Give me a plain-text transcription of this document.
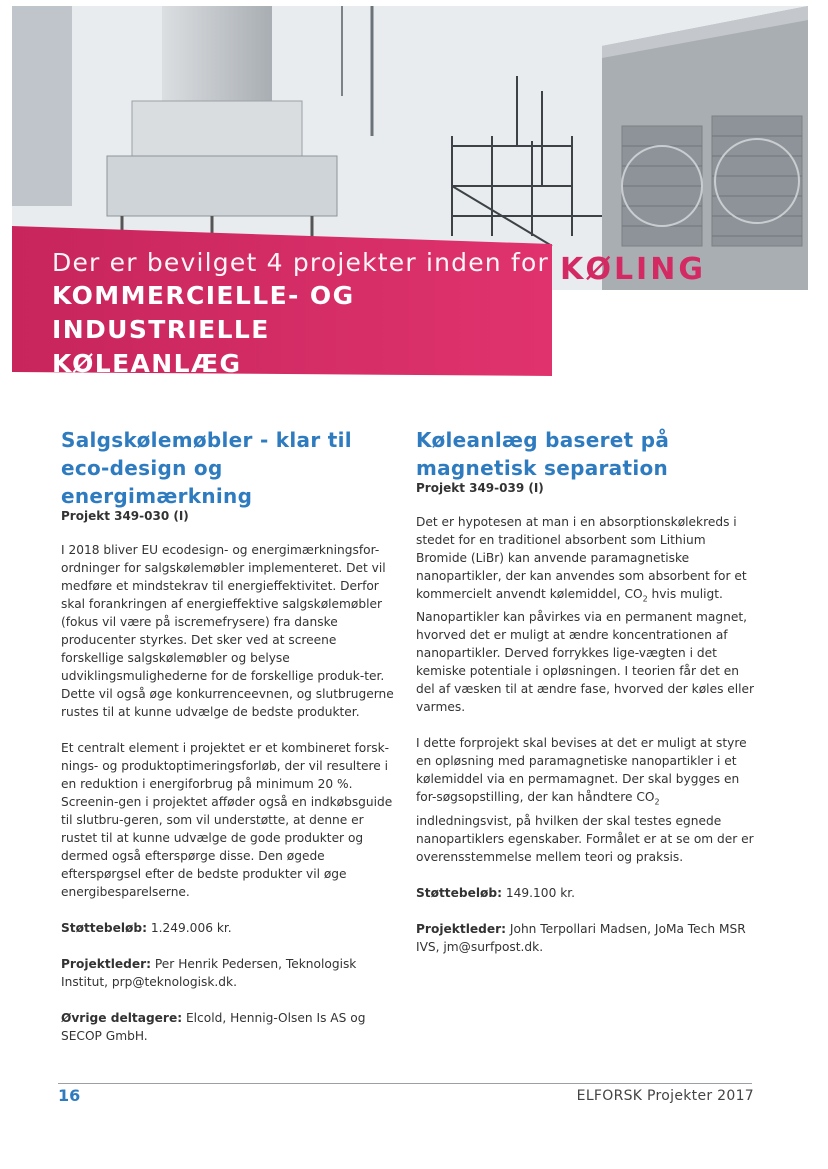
Der er bevilget 4 projekter inden for
KOMMERCIELLE- OG INDUSTRIELLE
KØLEANLÆG
KØLING
Salgskølemøbler - klar til eco-design og energimærkning
Projekt 349-030 (I)

I 2018 bliver EU ecodesign- og energimærkningsfor-ordninger for salgskølemøbler implementeret. Det vil medføre et mindstekrav til energieffektivitet. Derfor skal forankringen af energieffektive salgskølemøbler (fokus vil være på iscremefrysere) fra danske producenter styrkes. Det sker ved at screene forskellige salgskølemøbler og belyse udviklingsmulighederne for de forskellige produk-ter. Dette vil også øge konkurrenceevnen, og slutbrugerne rustes til at kunne udvælge de bedste produkter.

Et centralt element i projektet er et kombineret forsk-nings- og produktoptimeringsforløb, der vil resultere i en reduktion i energiforbrug på minimum 20 %. Screenin-gen i projektet afføder også en indkøbsguide til slutbru-geren, som vil understøtte, at denne er rustet til at kunne udvælge de gode produkter og dermed også efterspørge disse. Den øgede efterspørgsel efter de bedste produkter vil øge energibesparelserne.

Støttebeløb: 1.249.006 kr.

Projektleder: Per Henrik Pedersen, Teknologisk Institut, prp@teknologisk.dk.

Øvrige deltagere: Elcold, Hennig-Olsen Is AS og SECOP GmbH.

Køleanlæg baseret på magnetisk separation
Projekt 349-039 (I)

Det er hypotesen at man i en absorptionskølekreds i stedet for en traditionel absorbent som Lithium Bromide (LiBr) kan anvende paramagnetiske nanopartikler, der kan anvendes som absorbent for et kommercielt anvendt kølemiddel, $CO_2$ hvis muligt. Nanopartikler kan påvirkes via en permanent magnet, hvorved det er muligt at ændre koncentrationen af nanopartikler. Derved forrykkes lige-vægten i det kemiske potentiale i opløsningen. I teorien får det en del af væsken til at ændre fase, hvorved der køles eller varmes.

I dette forprojekt skal bevises at det er muligt at styre en opløsning med paramagnetiske nanopartikler i et kølemiddel via en permamagnet. Der skal bygges en for-søgsopstilling, der kan håndtere $CO_2$ indledningsvist, på hvilken der skal testes egnede nanopartiklers egenskaber. Formålet er at se om der er overensstemmelse mellem teori og praksis.

Støttebeløb: 149.100 kr.

Projektleder: John Terpollari Madsen, JoMa Tech MSR IVS, jm@surfpost.dk.

16	ELFORSK Projekter 2017
